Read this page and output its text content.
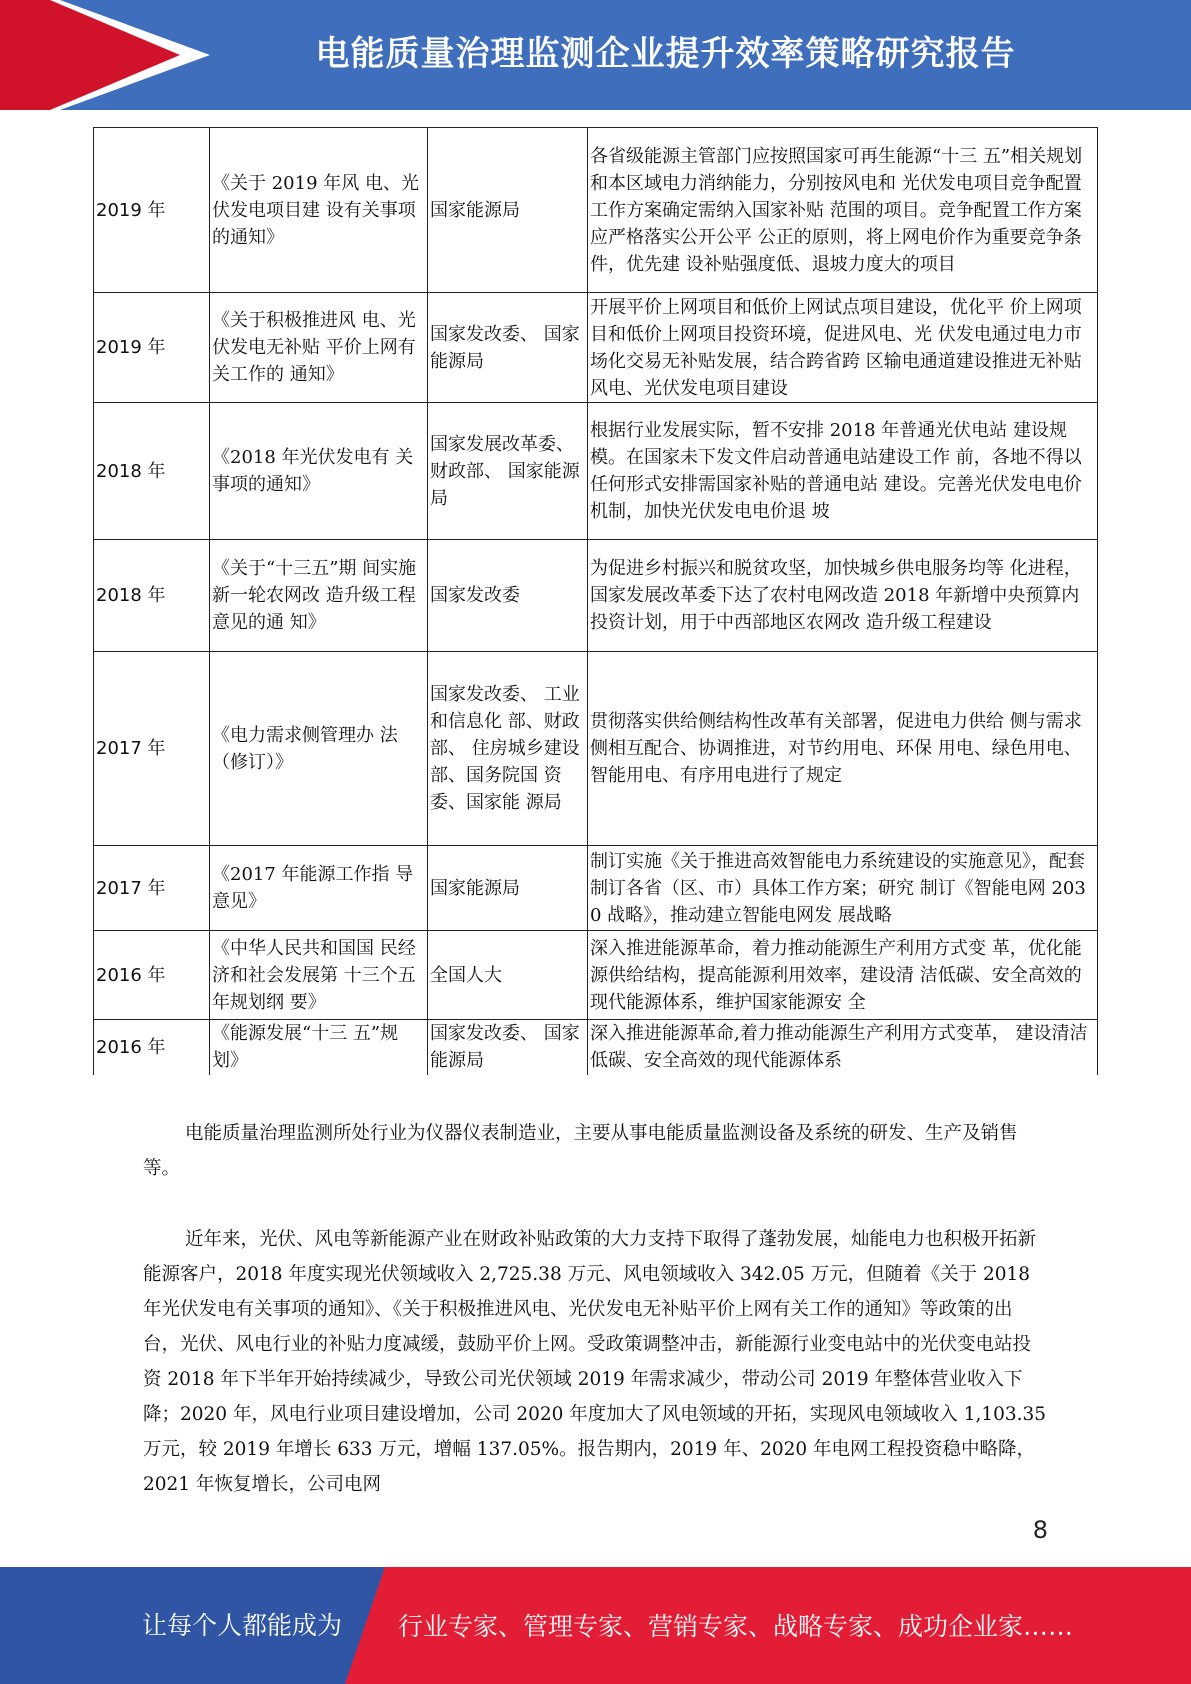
电能质量治理监测企业提升效率策略研究报告
2019 年	《关于 2019 年风 电、光伏发电项目建 设有关事项的通知》	国家能源局	各省级能源主管部门应按照国家可再生能源“十三 五”相关规划和本区域电力消纳能力，分别按风电和 光伏发电项目竞争配置工作方案确定需纳入国家补贴 范围的项目。竞争配置工作方案应严格落实公开公平 公正的原则，将上网电价作为重要竞争条件，优先建 设补贴强度低、退坡力度大的项目
2019 年	《关于积极推进风 电、光伏发电无补贴 平价上网有关工作的 通知》	国家发改委、 国家能源局	开展平价上网项目和低价上网试点项目建设，优化平 价上网项目和低价上网项目投资环境，促进风电、光 伏发电通过电力市场化交易无补贴发展，结合跨省跨 区输电通道建设推进无补贴风电、光伏发电项目建设
2018 年	《2018 年光伏发电有 关事项的通知》	国家发展改革委、财政部、 国家能源局	根据行业发展实际，暂不安排 2018 年普通光伏电站 建设规模。在国家未下发文件启动普通电站建设工作 前，各地不得以任何形式安排需国家补贴的普通电站 建设。完善光伏发电电价机制，加快光伏发电电价退 坡
2018 年	《关于“十三五”期 间实施新一轮农网改 造升级工程意见的通 知》	国家发改委	为促进乡村振兴和脱贫攻坚，加快城乡供电服务均等 化进程，国家发展改革委下达了农村电网改造 2018 年新增中央预算内投资计划，用于中西部地区农网改 造升级工程建设
2017 年	《电力需求侧管理办 法（修订）》	国家发改委、 工业和信息化 部、财政部、 住房城乡建设 部、国务院国 资委、国家能 源局	贯彻落实供给侧结构性改革有关部署，促进电力供给 侧与需求侧相互配合、协调推进，对节约用电、环保 用电、绿色用电、智能用电、有序用电进行了规定
2017 年	《2017 年能源工作指 导意见》	国家能源局	制订实施《关于推进高效智能电力系统建设的实施意见》，配套制订各省（区、市）具体工作方案；研究 制订《智能电网 2030 战略》，推动建立智能电网发 展战略
2016 年	《中华人民共和国国 民经济和社会发展第 十三个五年规划纲 要》	全国人大	深入推进能源革命，着力推动能源生产利用方式变 革，优化能源供给结构，提高能源利用效率，建设清 洁低碳、安全高效的现代能源体系，维护国家能源安 全
2016 年	《能源发展“十三 五”规划》	国家发改委、 国家能源局	深入推进能源革命,着力推动能源生产利用方式变革， 建设清洁低碳、安全高效的现代能源体系

电能质量治理监测所处行业为仪器仪表制造业，主要从事电能质量监测设备及系统的研发、生产及销售等。

近年来，光伏、风电等新能源产业在财政补贴政策的大力支持下取得了蓬勃发展，灿能电力也积极开拓新能源客户，2018 年度实现光伏领域收入 2,725.38 万元、风电领域收入 342.05 万元，但随着《关于 2018 年光伏发电有关事项的通知》、《关于积极推进风电、光伏发电无补贴平价上网有关工作的通知》等政策的出台，光伏、风电行业的补贴力度减缓，鼓励平价上网。受政策调整冲击，新能源行业变电站中的光伏变电站投资 2018 年下半年开始持续减少，导致公司光伏领域 2019 年需求减少，带动公司 2019 年整体营业收入下降；2020 年，风电行业项目建设增加，公司 2020 年度加大了风电领域的开拓，实现风电领域收入 1,103.35 万元，较 2019 年增长 633 万元，增幅 137.05%。报告期内，2019 年、2020 年电网工程投资稳中略降，2021 年恢复增长，公司电网

8
让每个人都能成为 行业专家、管理专家、营销专家、战略专家、成功企业家……
